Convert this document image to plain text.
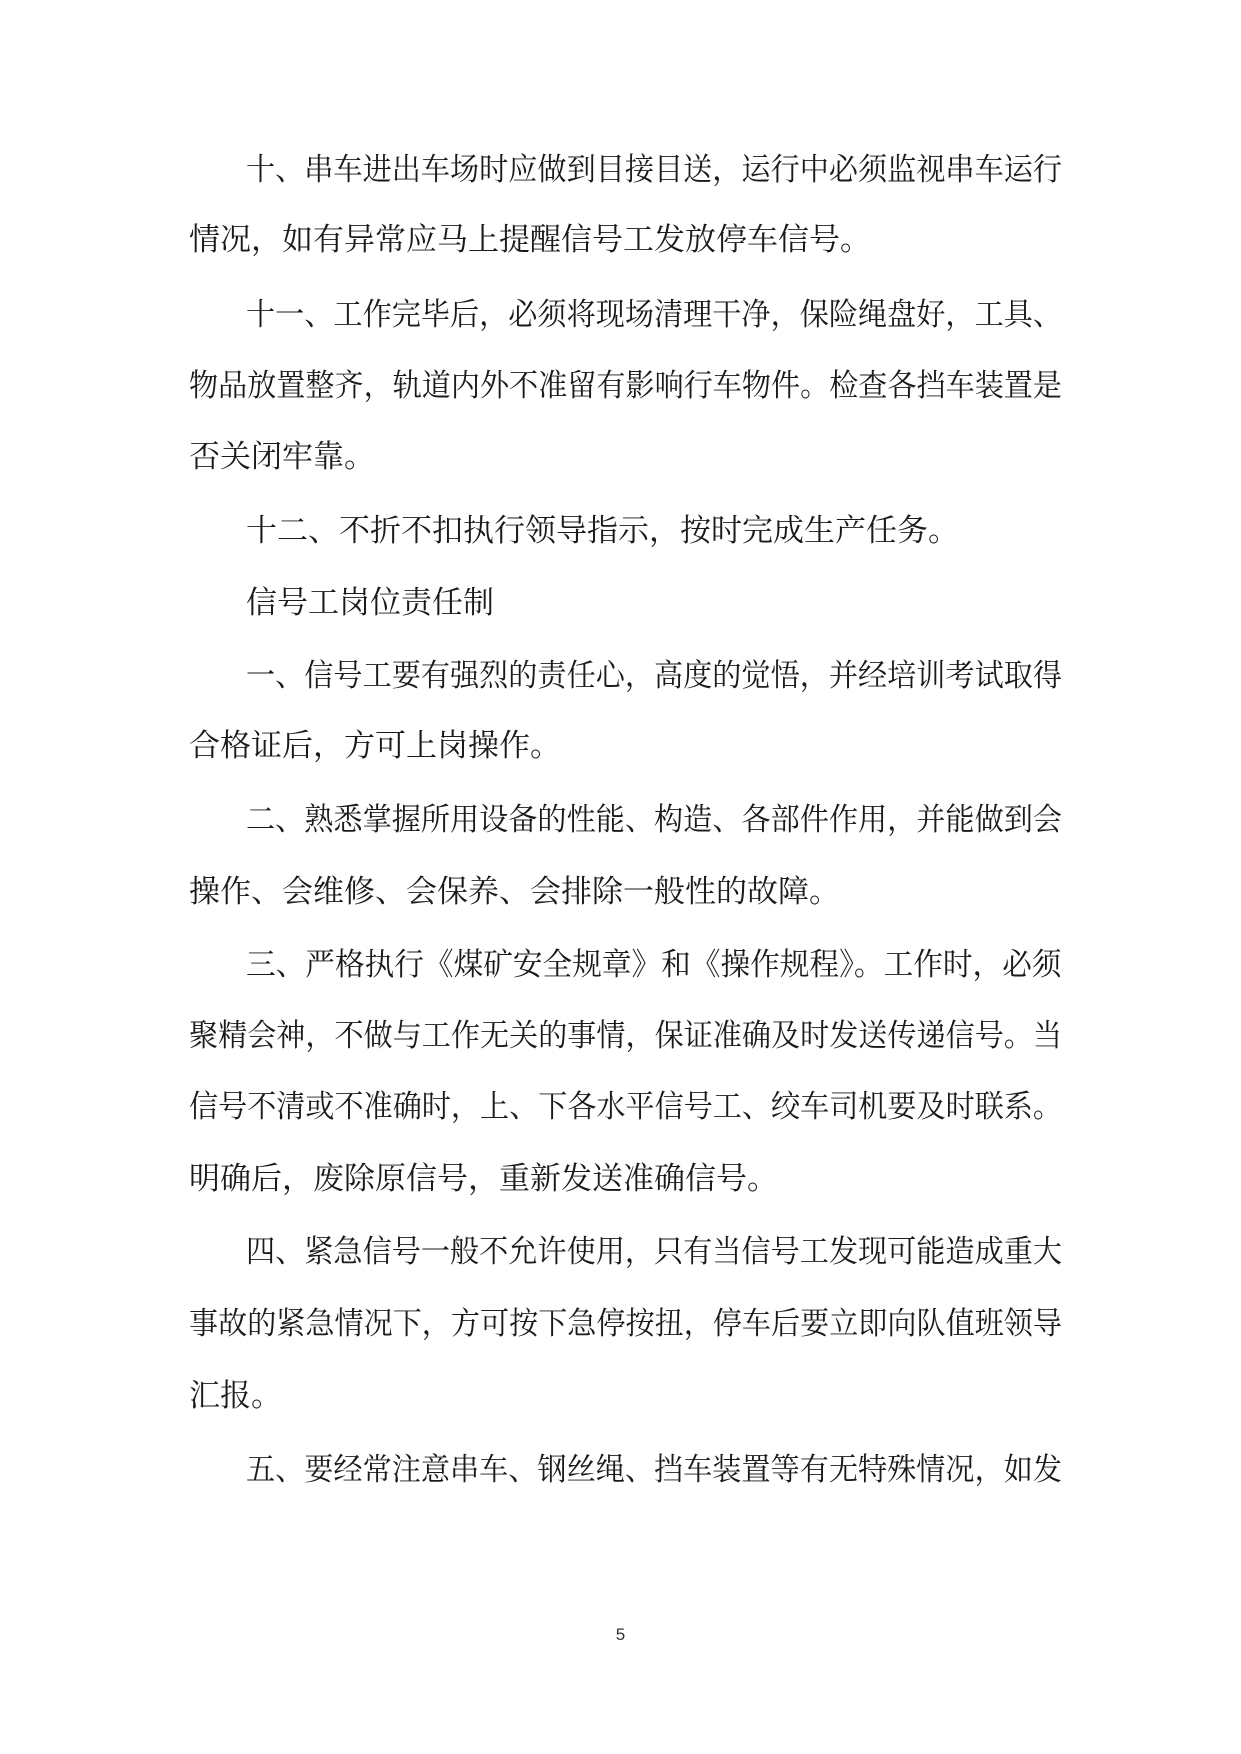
十、串车进出车场时应做到目接目送，运行中必须监视串车运行
情况，如有异常应马上提醒信号工发放停车信号。
十一、工作完毕后，必须将现场清理干净，保险绳盘好，工具、
物品放置整齐，轨道内外不准留有影响行车物件。检查各挡车装置是
否关闭牢靠。
十二、不折不扣执行领导指示，按时完成生产任务。
信号工岗位责任制
一、信号工要有强烈的责任心，高度的觉悟，并经培训考试取得
合格证后，方可上岗操作。
二、熟悉掌握所用设备的性能、构造、各部件作用，并能做到会
操作、会维修、会保养、会排除一般性的故障。
三、严格执行《煤矿安全规章》和《操作规程》。工作时，必须
聚精会神，不做与工作无关的事情，保证准确及时发送传递信号。当
信号不清或不准确时，上、下各水平信号工、绞车司机要及时联系。
明确后，废除原信号，重新发送准确信号。
四、紧急信号一般不允许使用，只有当信号工发现可能造成重大
事故的紧急情况下，方可按下急停按扭，停车后要立即向队值班领导
汇报。
五、要经常注意串车、钢丝绳、挡车装置等有无特殊情况，如发
5
